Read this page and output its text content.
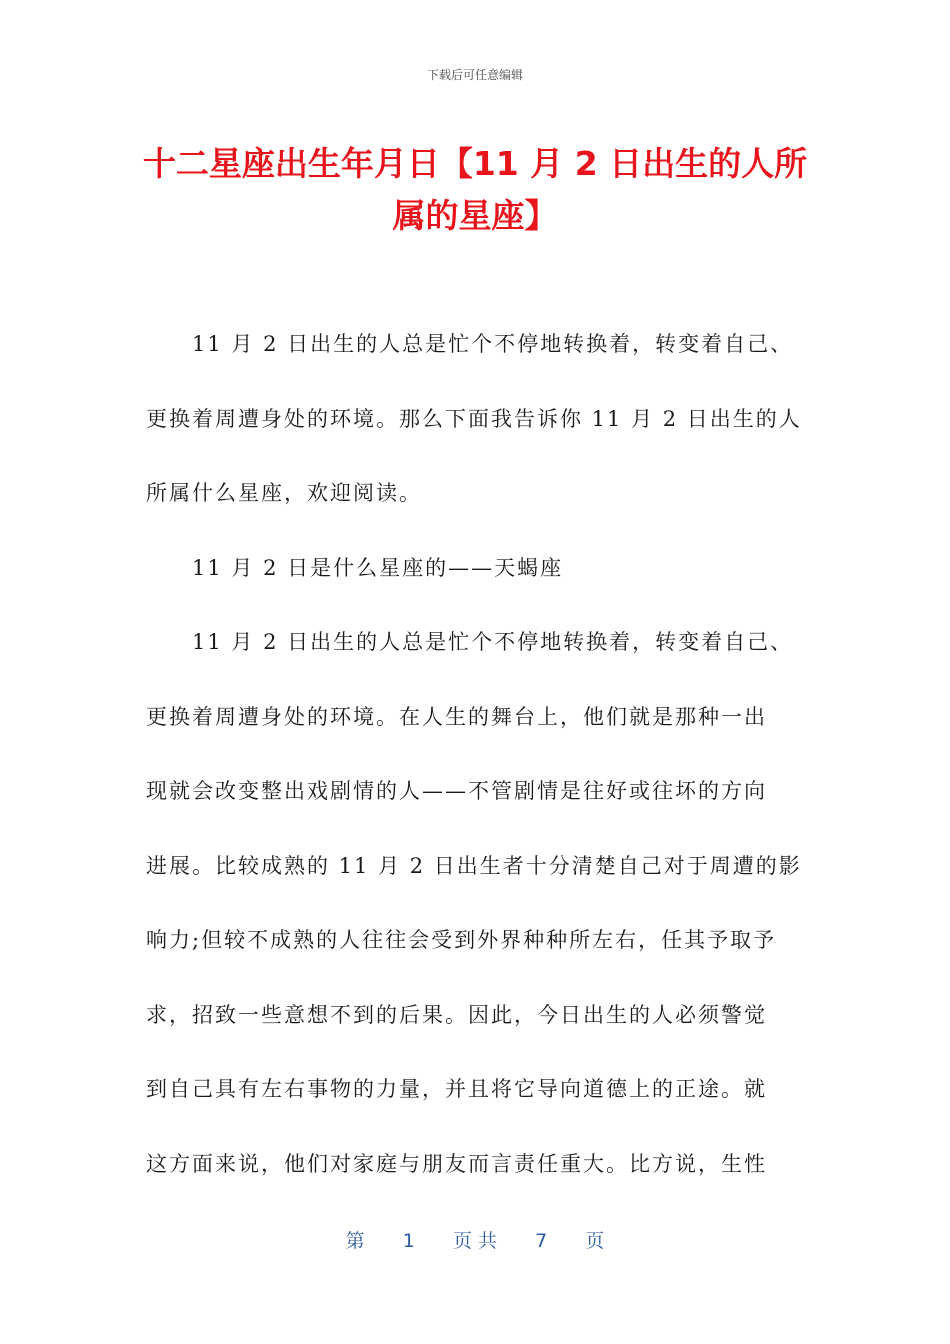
下载后可任意编辑
十二星座出生年月日【11 月 2 日出生的人所
属的星座】
11 月 2 日出生的人总是忙个不停地转换着，转变着自己、
更换着周遭身处的环境。那么下面我告诉你 11 月 2 日出生的人
所属什么星座，欢迎阅读。
11 月 2 日是什么星座的——天蝎座
11 月 2 日出生的人总是忙个不停地转换着，转变着自己、
更换着周遭身处的环境。在人生的舞台上，他们就是那种一出
现就会改变整出戏剧情的人——不管剧情是往好或往坏的方向
进展。比较成熟的 11 月 2 日出生者十分清楚自己对于周遭的影
响力;但较不成熟的人往往会受到外界种种所左右，任其予取予
求，招致一些意想不到的后果。因此，今日出生的人必须警觉
到自己具有左右事物的力量，并且将它导向道德上的正途。就
这方面来说，他们对家庭与朋友而言责任重大。比方说，生性
第 1 页 共 7 页
